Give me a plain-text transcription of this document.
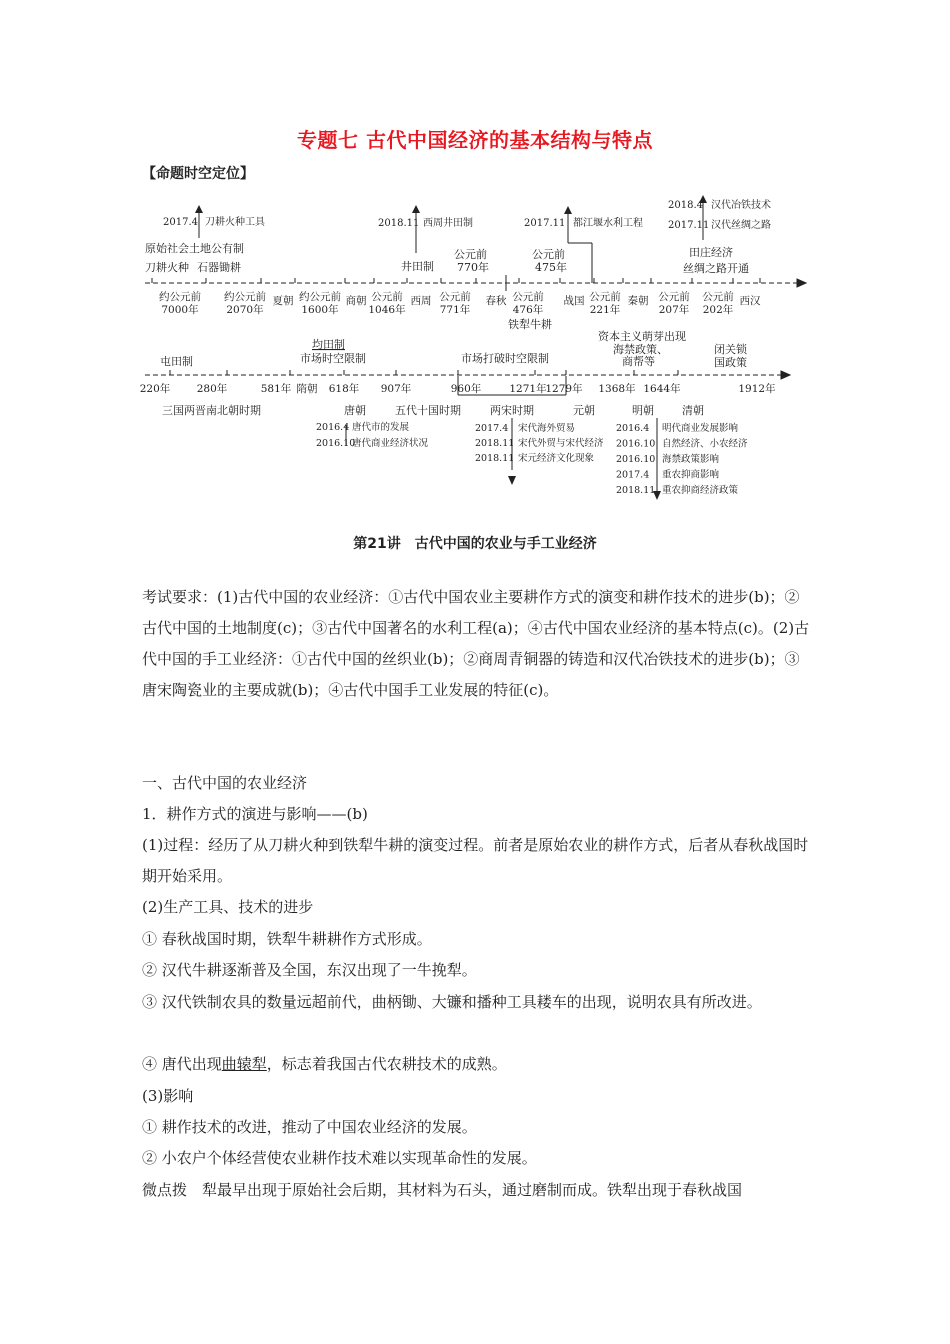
专题七 古代中国经济的基本结构与特点
【命题时空定位】
2017.4 刀耕火种工具	2018.11 西周井田制	2017.11 都江堰水利工程
2018.4 汉代冶铁技术
2017.11 汉代丝绸之路
原始社会土地公有制
刀耕火种 石器锄耕	井田制
公元前
770年
公元前
475年
田庄经济
丝绸之路开通
铁犁牛耕
约公元前
7000年
约公元前
2070年
夏朝 约公元前
1600年
商朝 公元前
1046年
西周 公元前
771年
春秋 公元前
476年
战国 公元前
221年
秦朝 公元前
207年
公元前
202年
西汉
屯田制
均田制
市场时空限制	市场打破时空限制
资本主义萌芽出现
海禁政策、
商帮等
闭关锁
国政策
220年	280年	581年 隋朝 618年 907年	960年	1271年
1279年 1368年 1644年	1912年
三国两晋南北朝时期	唐朝	五代十国时期	两宋时期	元朝	明朝	清朝
2016.4 唐代市的发展
2016.10
唐代商业经济状况
2017.4 宋代海外贸易
2018.11 宋代外贸与宋代经济
2018.11 宋元经济文化现象
2016.4 明代商业发展影响
2016.10 自然经济、小农经济
2016.10 海禁政策影响
2017.4 重农抑商影响
2018.11 重农抑商经济政策
第21讲　古代中国的农业与手工业经济

考试要求：(1)古代中国的农业经济：①古代中国农业主要耕作方式的演变和耕作技术的进步(b)；②古代中国的土地制度(c)；③古代中国著名的水利工程(a)；④古代中国农业经济的基本特点(c)。(2)古代中国的手工业经济：①古代中国的丝织业(b)；②商周青铜器的铸造和汉代冶铁技术的进步(b)；③唐宋陶瓷业的主要成就(b)；④古代中国手工业发展的特征(c)。

一、古代中国的农业经济

1．耕作方式的演进与影响——(b)

(1)过程：经历了从刀耕火种到铁犁牛耕的演变过程。前者是原始农业的耕作方式，后者从春秋战国时期开始采用。

(2)生产工具、技术的进步

① 春秋战国时期，铁犁牛耕耕作方式形成。

② 汉代牛耕逐渐普及全国，东汉出现了一牛挽犁。

③ 汉代铁制农具的数量远超前代，曲柄锄、大镰和播种工具耧车的出现，说明农具有所改进。

④ 唐代出现曲辕犁，标志着我国古代农耕技术的成熟。

(3)影响

① 耕作技术的改进，推动了中国农业经济的发展。

② 小农户个体经营使农业耕作技术难以实现革命性的发展。

微点拨　 犁最早出现于原始社会后期，其材料为石头，通过磨制而成。铁犁出现于春秋战国
